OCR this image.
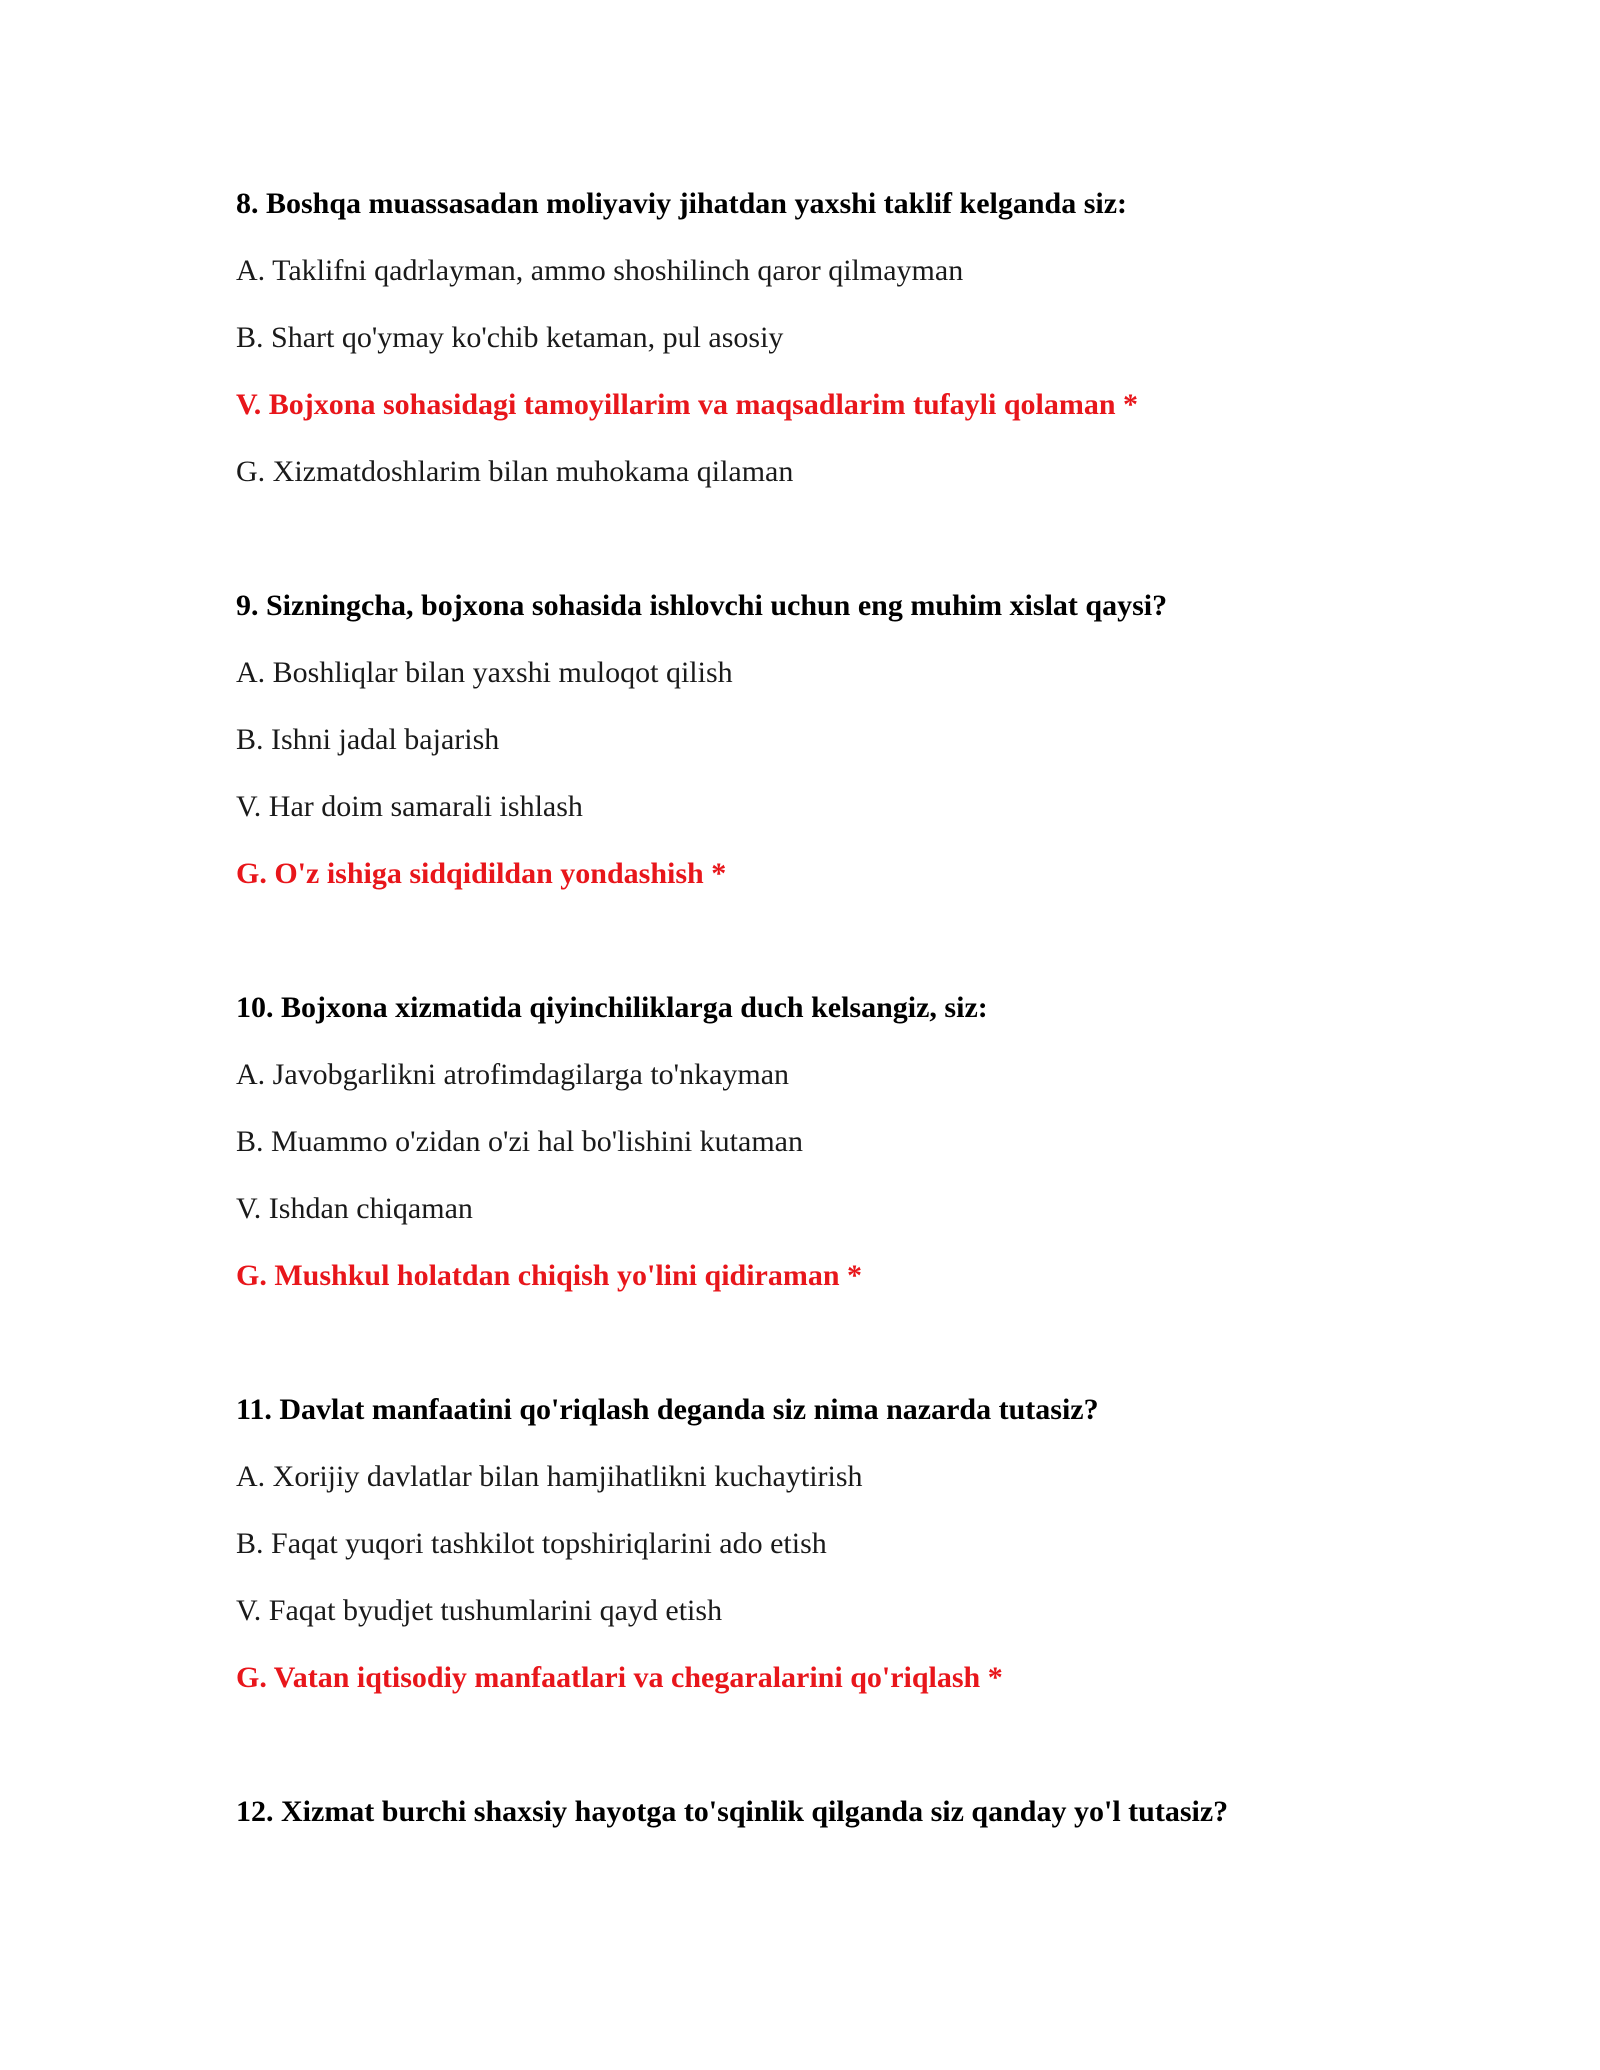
8. Boshqa muassasadan moliyaviy jihatdan yaxshi taklif kelganda siz:
A. Taklifni qadrlayman, ammo shoshilinch qaror qilmayman
B. Shart qo'ymay ko'chib ketaman, pul asosiy
V. Bojxona sohasidagi tamoyillarim va maqsadlarim tufayli qolaman *
G. Xizmatdoshlarim bilan muhokama qilaman
9. Sizningcha, bojxona sohasida ishlovchi uchun eng muhim xislat qaysi?
A. Boshliqlar bilan yaxshi muloqot qilish
B. Ishni jadal bajarish
V. Har doim samarali ishlash
G. O'z ishiga sidqidildan yondashish *
10. Bojxona xizmatida qiyinchiliklarga duch kelsangiz, siz:
A. Javobgarlikni atrofimdagilarga to'nkayman
B. Muammo o'zidan o'zi hal bo'lishini kutaman
V. Ishdan chiqaman
G. Mushkul holatdan chiqish yo'lini qidiraman *
11. Davlat manfaatini qo'riqlash deganda siz nima nazarda tutasiz?
A. Xorijiy davlatlar bilan hamjihatlikni kuchaytirish
B. Faqat yuqori tashkilot topshiriqlarini ado etish
V. Faqat byudjet tushumlarini qayd etish
G. Vatan iqtisodiy manfaatlari va chegaralarini qo'riqlash *
12. Xizmat burchi shaxsiy hayotga to'sqinlik qilganda siz qanday yo'l tutasiz?
